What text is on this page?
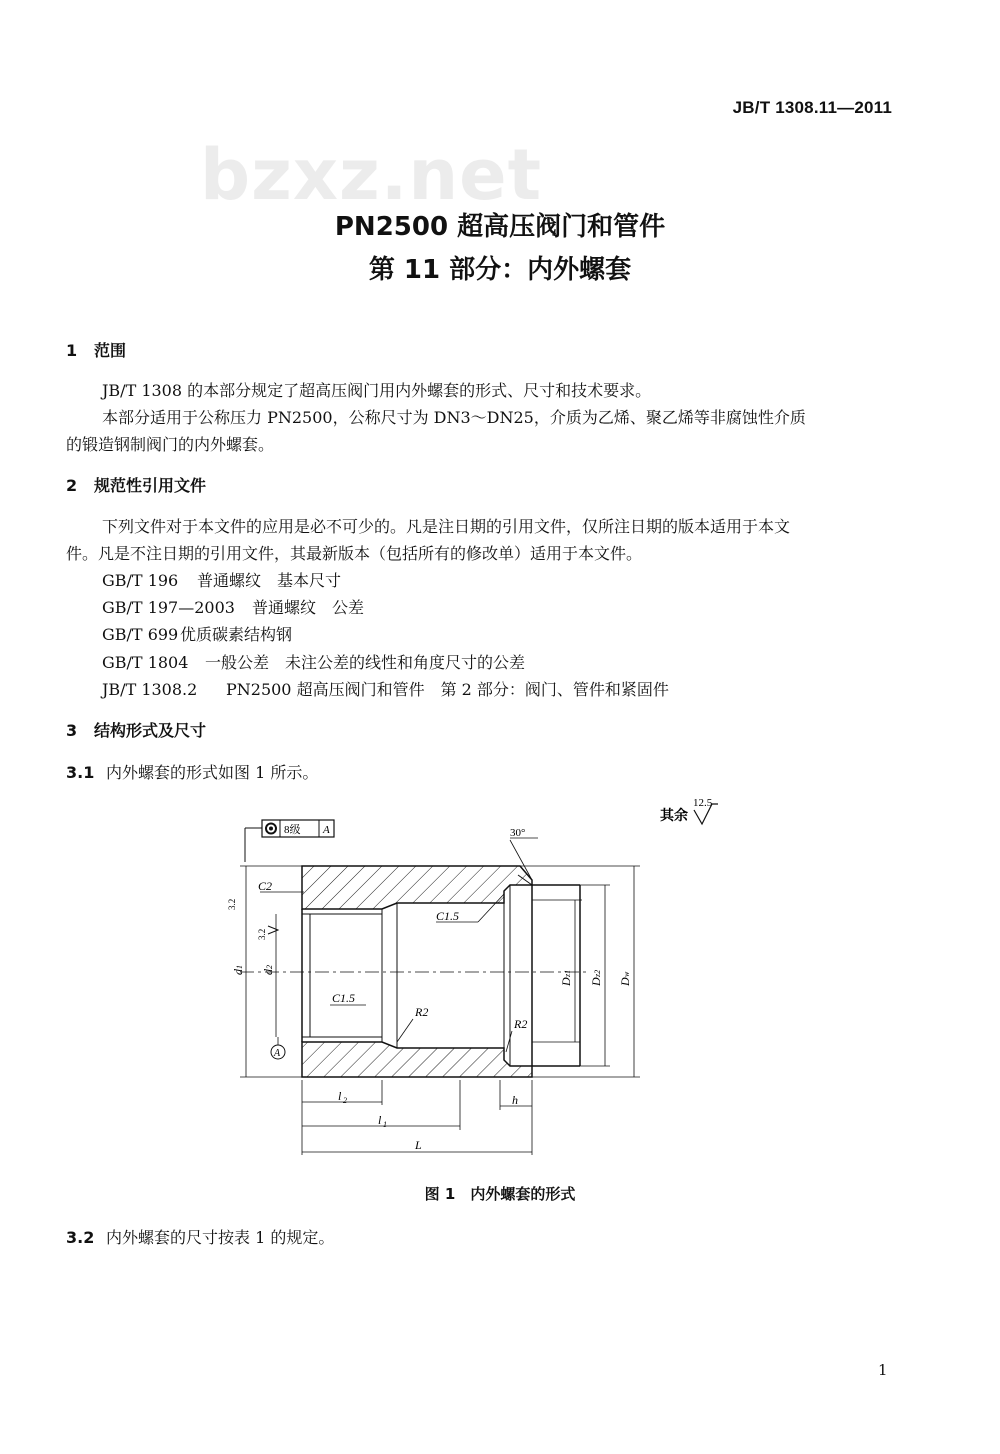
JB/T 1308.11—2011
bzxz.net
PN2500 超高压阀门和管件
第 11 部分：内外螺套
1 范围
JB/T 1308 的本部分规定了超高压阀门用内外螺套的形式、尺寸和技术要求。
本部分适用于公称压力 PN2500，公称尺寸为 DN3～DN25，介质为乙烯、聚乙烯等非腐蚀性介质
的锻造钢制阀门的内外螺套。
2 规范性引用文件
下列文件对于本文件的应用是必不可少的。凡是注日期的引用文件，仅所注日期的版本适用于本文
件。凡是不注日期的引用文件，其最新版本（包括所有的修改单）适用于本文件。
GB/T 196 普通螺纹　基本尺寸
GB/T 197—2003 普通螺纹　公差
GB/T 699 优质碳素结构钢
GB/T 1804 一般公差　未注公差的线性和角度尺寸的公差
JB/T 1308.2 PN2500 超高压阀门和管件　第 2 部分：阀门、管件和紧固件
3 结构形式及尺寸
3.1 内外螺套的形式如图 1 所示。
其余
12.5
8级 A
d
1
d
2
D
z1
D
z2
D
w
3.2
3.2
C2
C1.5
C1.5
R2
R2
30°
A
l 2
l 1
h
L
图 1　内外螺套的形式
3.2 内外螺套的尺寸按表 1 的规定。
1
